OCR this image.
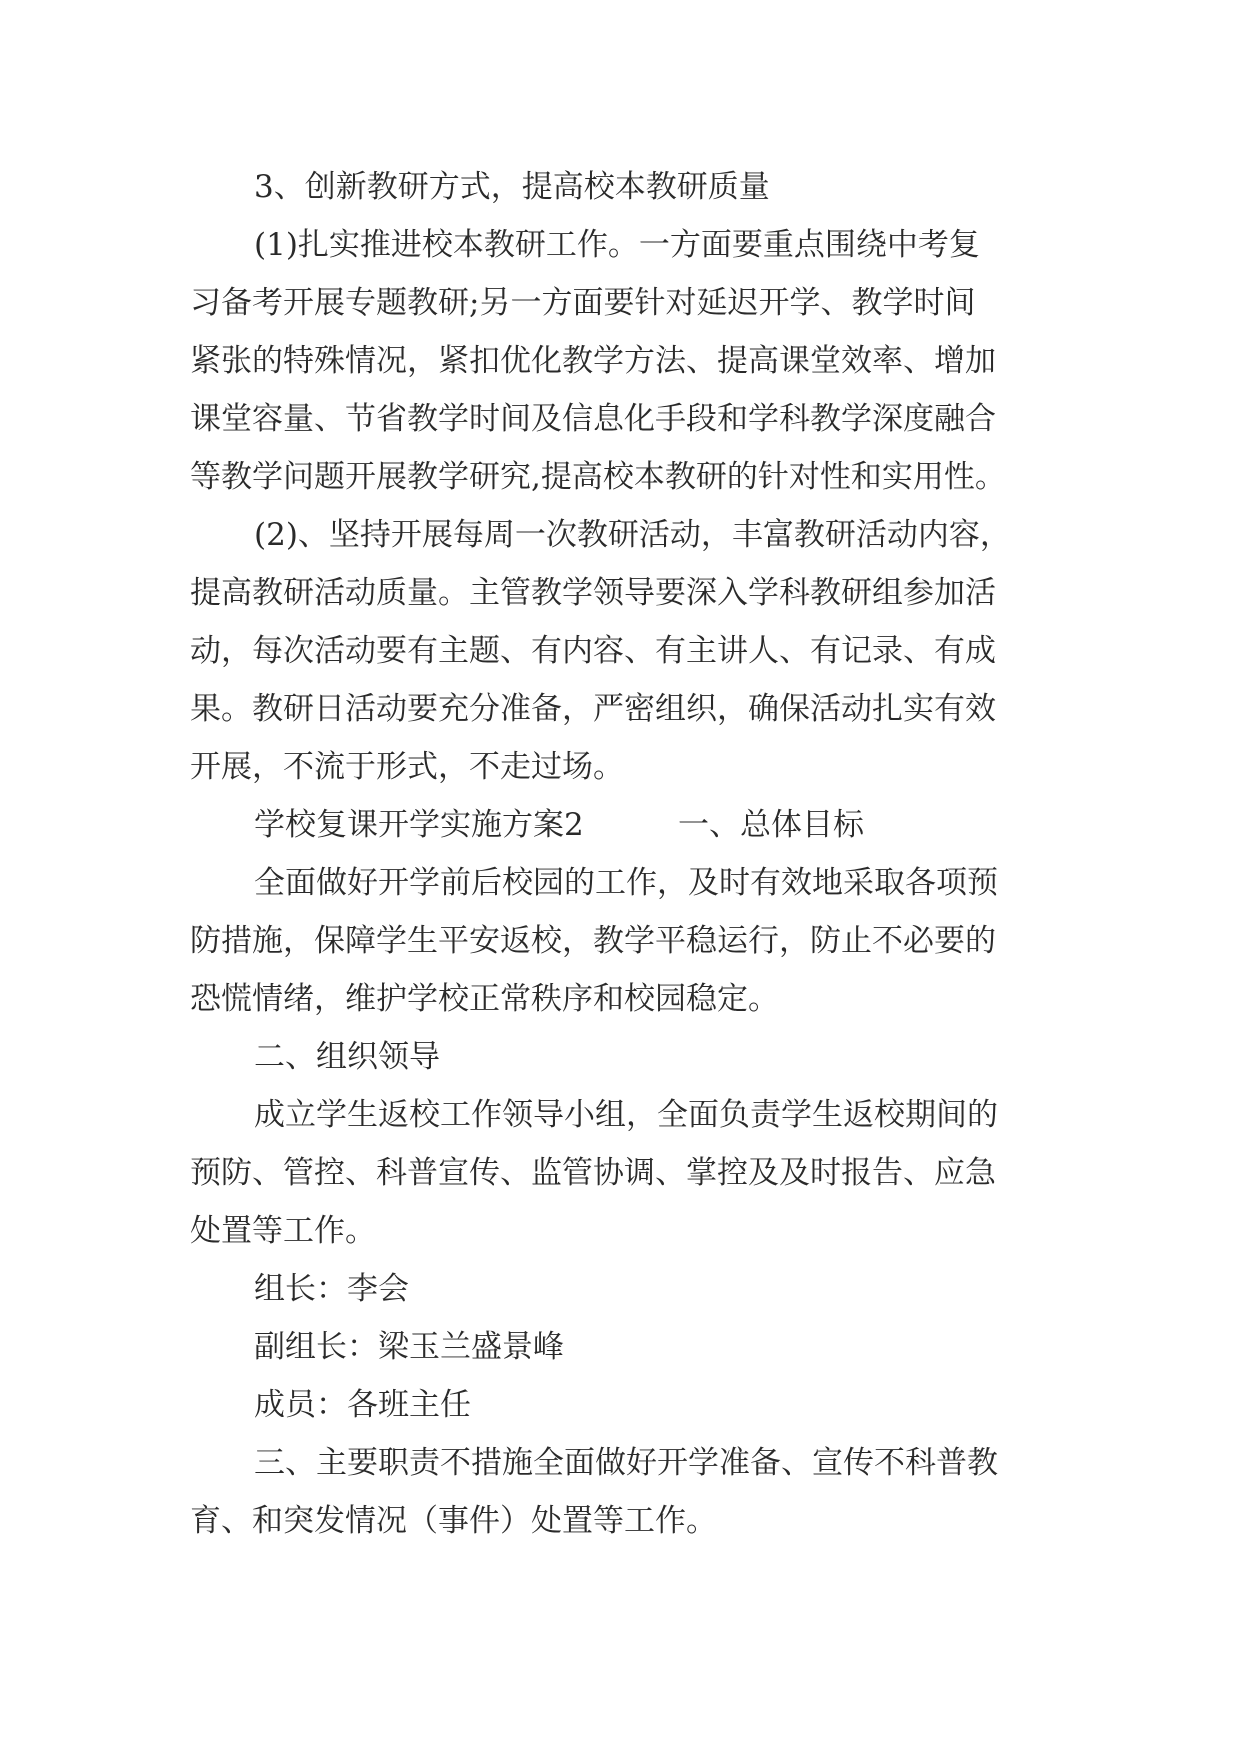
3、创新教研方式，提高校本教研质量
(1)扎实推进校本教研工作。一方面要重点围绕中考复
习备考开展专题教研;另一方面要针对延迟开学、教学时间
紧张的特殊情况，紧扣优化教学方法、提高课堂效率、增加
课堂容量、节省教学时间及信息化手段和学科教学深度融合
等教学问题开展教学研究,提高校本教研的针对性和实用性。
(2)、坚持开展每周一次教研活动，丰富教研活动内容，
提高教研活动质量。主管教学领导要深入学科教研组参加活
动，每次活动要有主题、有内容、有主讲人、有记录、有成
果。教研日活动要充分准备，严密组织，确保活动扎实有效
开展，不流于形式，不走过场。
学校复课开学实施方案2	一、总体目标
全面做好开学前后校园的工作，及时有效地采取各项预
防措施，保障学生平安返校，教学平稳运行，防止不必要的
恐慌情绪，维护学校正常秩序和校园稳定。
二、组织领导
成立学生返校工作领导小组，全面负责学生返校期间的
预防、管控、科普宣传、监管协调、掌控及及时报告、应急
处置等工作。
组长：李会
副组长：梁玉兰盛景峰
成员：各班主任
三、主要职责不措施全面做好开学准备、宣传不科普教
育、和突发情况（事件）处置等工作。
